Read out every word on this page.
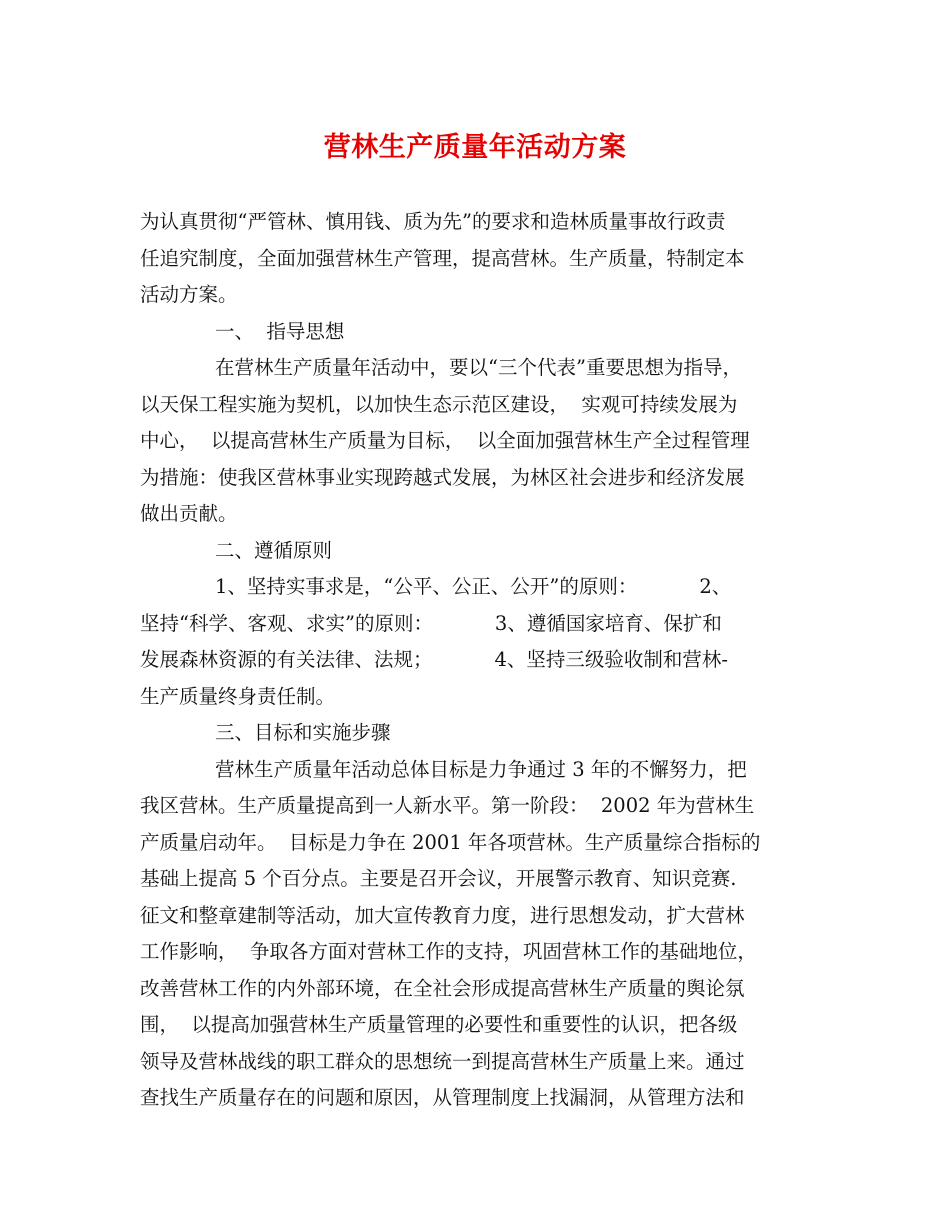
营林生产质量年活动方案
为认真贯彻“严管林、慎用钱、质为先”的要求和造林质量事故行政责
任追究制度，全面加强营林生产管理，提高营林。生产质量，特制定本
活动方案。
一、  指导思想
在营林生产质量年活动中，要以“三个代表”重要思想为指导，
以天保工程实施为契机，以加快生态示范区建设，  实观可持续发展为
中心，  以提高营林生产质量为目标，  以全面加强营林生产全过程管理
为措施：使我区营林事业实现跨越式发展，为林区社会进步和经济发展
做出贡献。
二、遵循原则
1、坚持实事求是，“公平、公正、公开”的原则：          2、
坚持“科学、客观、求实”的原则：          3、遵循国家培育、保扩和
发展森林资源的有关法律、法规；          4、坚持三级验收制和营林-
生产质量终身责任制。
三、目标和实施步骤
营林生产质量年活动总体目标是力争通过 3 年的不懈努力，把
我区营林。生产质量提高到一人新水平。第一阶段：  2002 年为营林生
产质量启动年。  目标是力争在 2001 年各项营林。生产质量综合指标的
基础上提高 5 个百分点。主要是召开会议，开展警示教育、知识竞赛.
征文和整章建制等活动，加大宣传教育力度，进行思想发动，扩大营林
工作影响，  争取各方面对营林工作的支持，巩固营林工作的基础地位，
改善营林工作的内外部环境，在全社会形成提高营林生产质量的舆论氛
围，  以提高加强营林生产质量管理的必要性和重要性的认识，把各级
领导及营林战线的职工群众的思想统一到提高营林生产质量上来。通过
查找生产质量存在的问题和原因，从管理制度上找漏洞，从管理方法和
